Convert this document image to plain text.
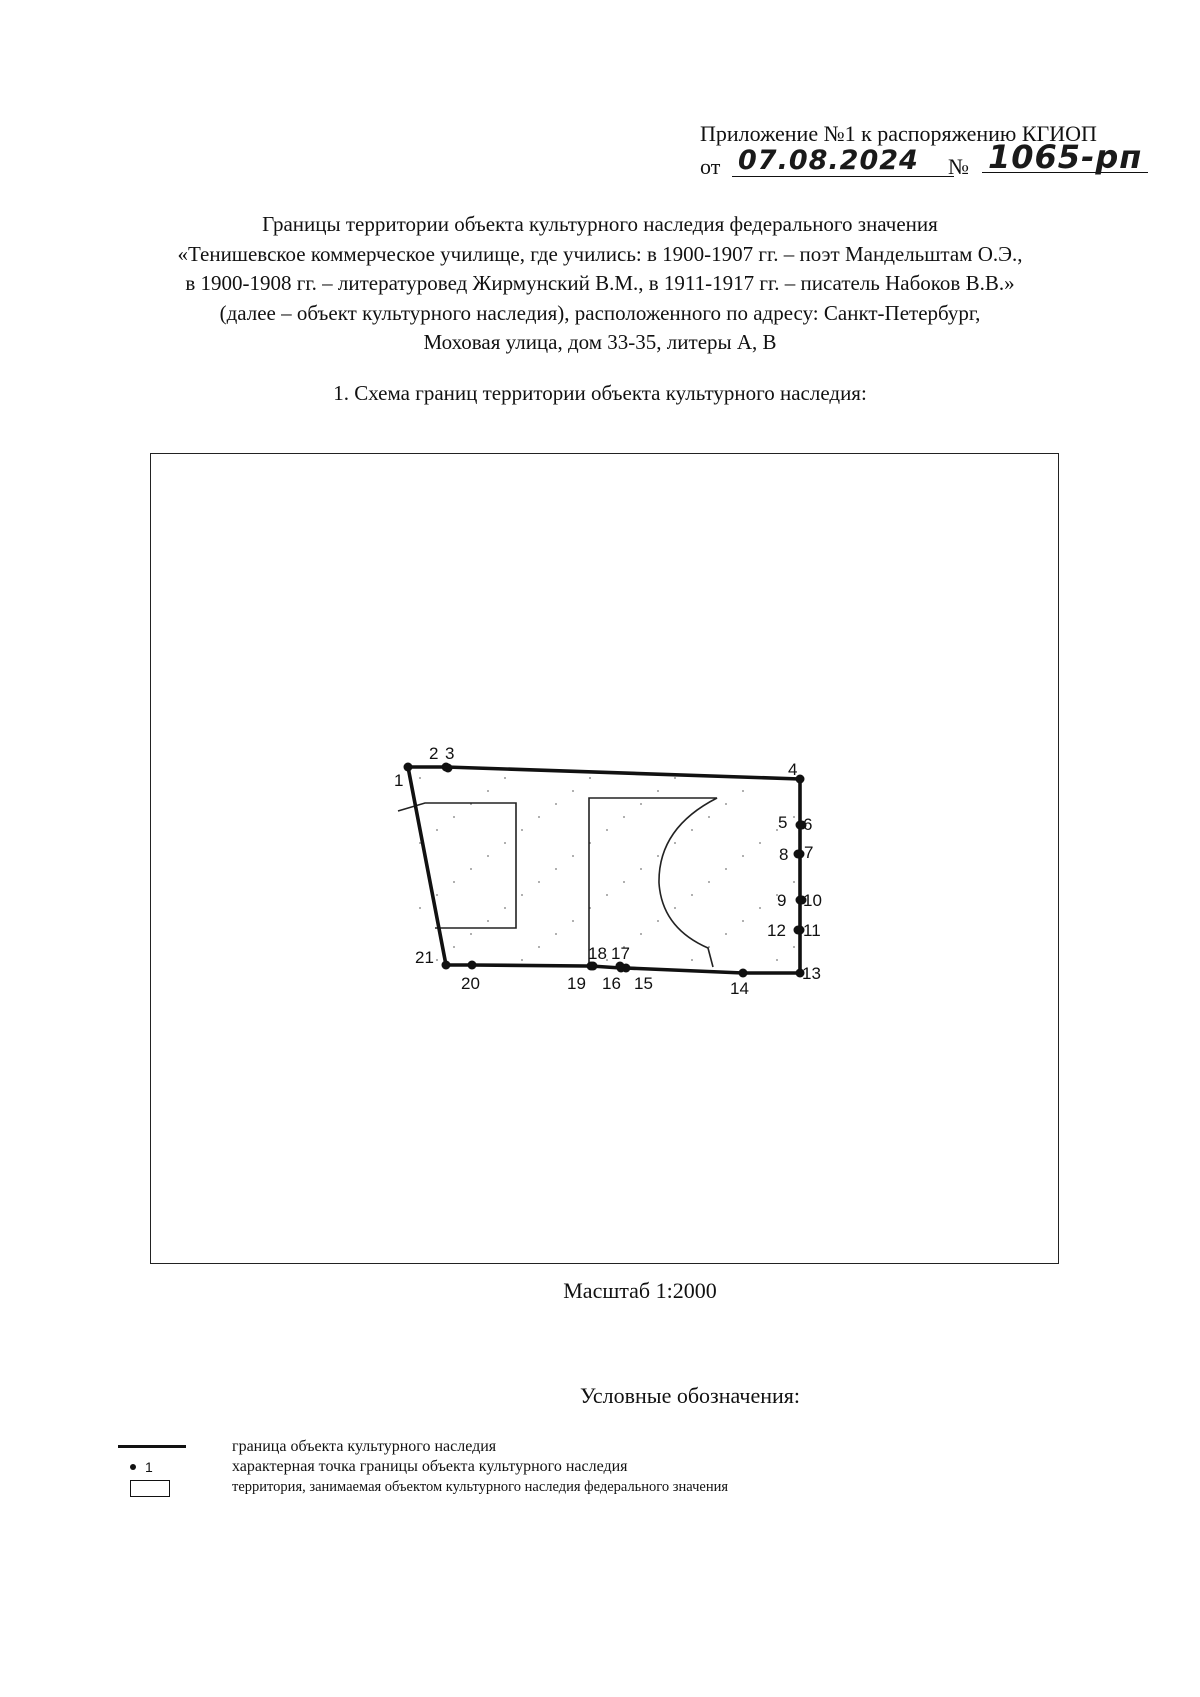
Приложение №1 к распоряжению КГИОП
от 07.08.2024	№ 1065-рп
Границы территории объекта культурного наследия федерального значения
«Тенишевское коммерческое училище, где учились: в 1900-1907 гг. – поэт Мандельштам О.Э.,
в 1900-1908 гг. – литературовед Жирмунский В.М., в 1911-1917 гг. – писатель Набоков В.В.»
(далее – объект культурного наследия), расположенного по адресу: Санкт-Петербург,
Моховая улица, дом 33-35, литеры А, В
1. Схема границ территории объекта культурного наследия:
1
2 3
4
5 6
7
8
9 10
11
12
13
14
15
16
17
18
19
20
21
Масштаб 1:2000
Условные обозначения:
граница объекта культурного наследия
1	характерная точка границы объекта культурного наследия
территория, занимаемая объектом культурного наследия федерального значения
